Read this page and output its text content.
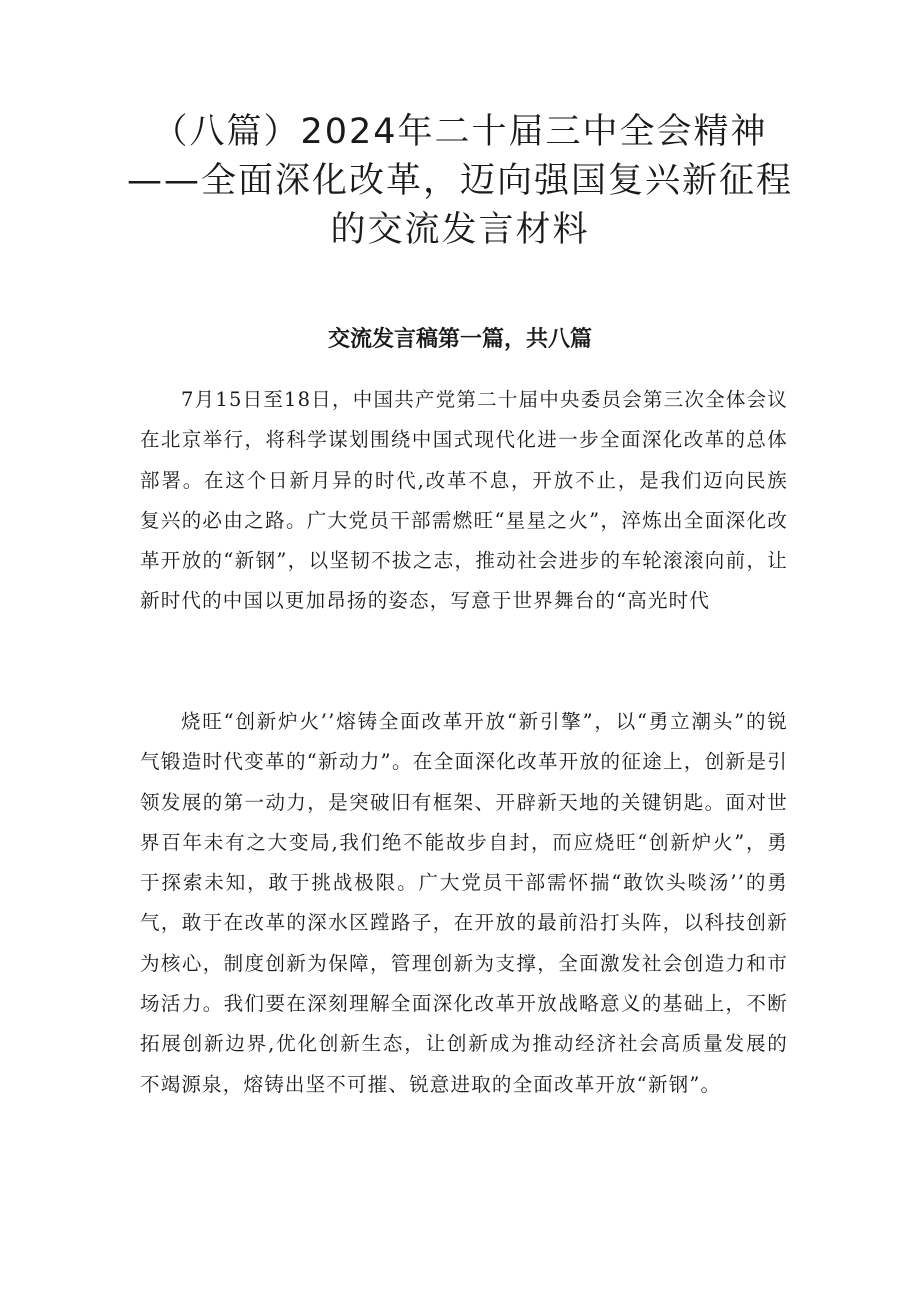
（八篇）2024年二十届三中全会精神——全面深化改革，迈向强国复兴新征程的交流发言材料
交流发言稿第一篇，共八篇

7月15日至18日，中国共产党第二十届中央委员会第三次全体会议在北京举行，将科学谋划围绕中国式现代化进一步全面深化改革的总体部署。在这个日新月异的时代,改革不息，开放不止，是我们迈向民族复兴的必由之路。广大党员干部需燃旺“星星之火”，淬炼出全面深化改革开放的“新钢”，以坚韧不拔之志，推动社会进步的车轮滚滚向前，让新时代的中国以更加昂扬的姿态，写意于世界舞台的“高光时代

烧旺“创新炉火’’熔铸全面改革开放“新引擎”，以“勇立潮头”的锐气锻造时代变革的“新动力”。在全面深化改革开放的征途上，创新是引领发展的第一动力，是突破旧有框架、开辟新天地的关键钥匙。面对世界百年未有之大变局,我们绝不能故步自封，而应烧旺“创新炉火”，勇于探索未知，敢于挑战极限。广大党员干部需怀揣“敢饮头啖汤’’的勇气，敢于在改革的深水区蹚路子，在开放的最前沿打头阵，以科技创新为核心，制度创新为保障，管理创新为支撑，全面激发社会创造力和市场活力。我们要在深刻理解全面深化改革开放战略意义的基础上，不断拓展创新边界,优化创新生态，让创新成为推动经济社会高质量发展的不竭源泉，熔铸出坚不可摧、锐意进取的全面改革开放“新钢”。
